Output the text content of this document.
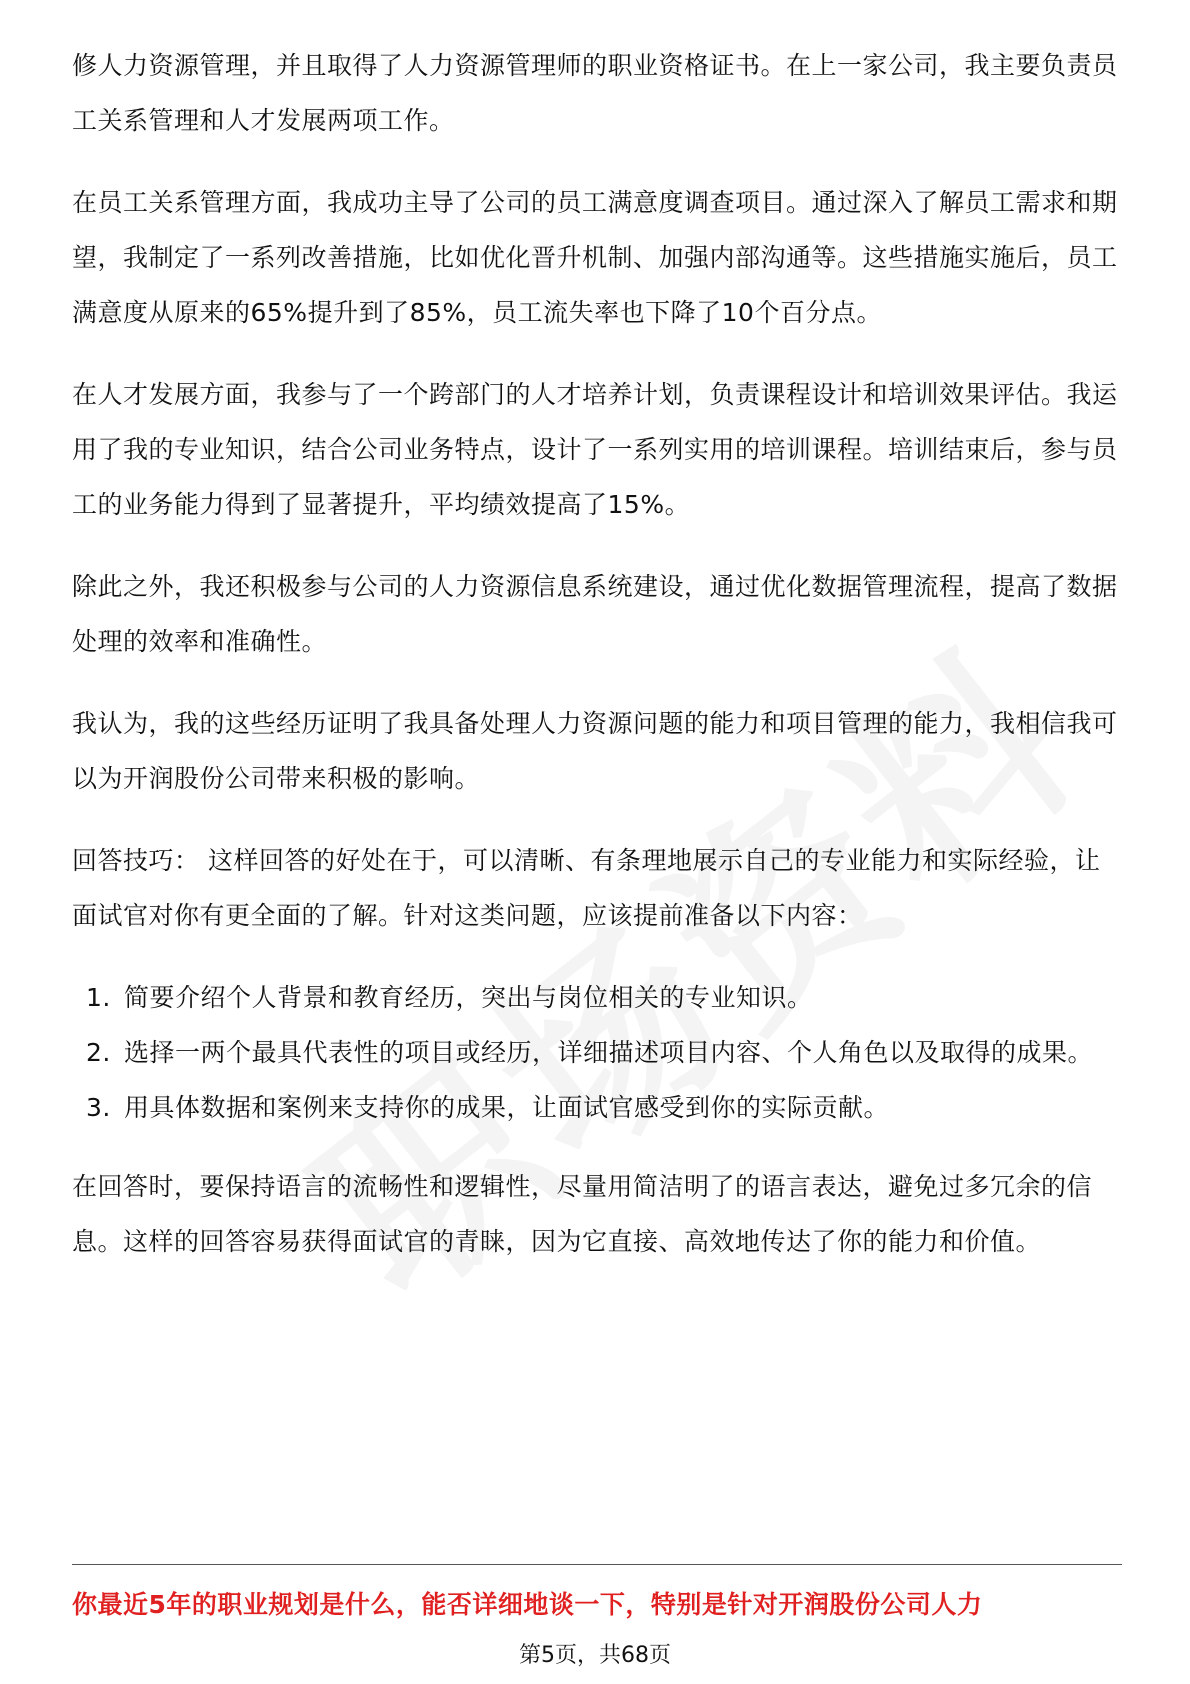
修人力资源管理，并且取得了人力资源管理师的职业资格证书。在上一家公司，我主要负责员工关系管理和人才发展两项工作。

在员工关系管理方面，我成功主导了公司的员工满意度调查项目。通过深入了解员工需求和期望，我制定了一系列改善措施，比如优化晋升机制、加强内部沟通等。这些措施实施后，员工满意度从原来的65%提升到了85%，员工流失率也下降了10个百分点。

在人才发展方面，我参与了一个跨部门的人才培养计划，负责课程设计和培训效果评估。我运用了我的专业知识，结合公司业务特点，设计了一系列实用的培训课程。培训结束后，参与员工的业务能力得到了显著提升，平均绩效提高了15%。

除此之外，我还积极参与公司的人力资源信息系统建设，通过优化数据管理流程，提高了数据处理的效率和准确性。

我认为，我的这些经历证明了我具备处理人力资源问题的能力和项目管理的能力，我相信我可以为开润股份公司带来积极的影响。

回答技巧： 这样回答的好处在于，可以清晰、有条理地展示自己的专业能力和实际经验，让面试官对你有更全面的了解。针对这类问题，应该提前准备以下内容：

1. 简要介绍个人背景和教育经历，突出与岗位相关的专业知识。
2. 选择一两个最具代表性的项目或经历，详细描述项目内容、个人角色以及取得的成果。
3. 用具体数据和案例来支持你的成果，让面试官感受到你的实际贡献。

在回答时，要保持语言的流畅性和逻辑性，尽量用简洁明了的语言表达，避免过多冗余的信息。这样的回答容易获得面试官的青睐，因为它直接、高效地传达了你的能力和价值。

你最近5年的职业规划是什么，能否详细地谈一下，特别是针对开润股份公司人力
第5页，共68页
